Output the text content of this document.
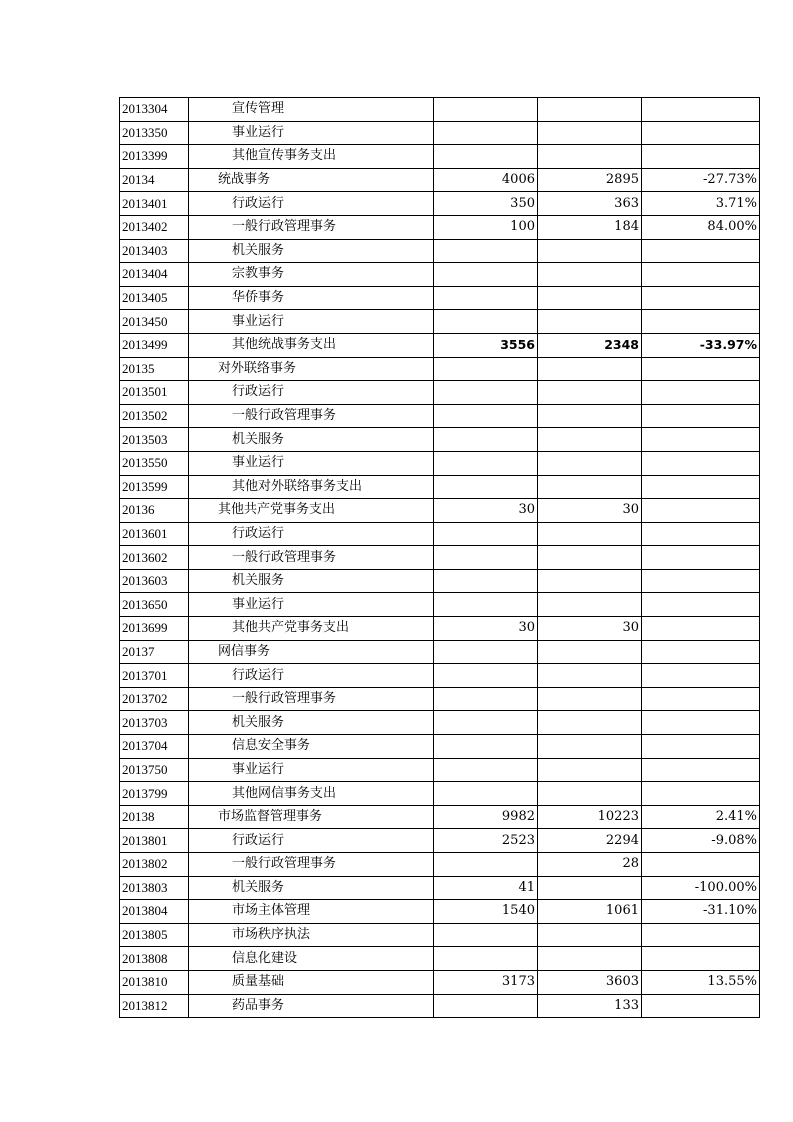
2013304	宣传管理			
2013350	事业运行			
2013399	其他宣传事务支出			
20134	统战事务	4006	2895	-27.73%
2013401	行政运行	350	363	3.71%
2013402	一般行政管理事务	100	184	84.00%
2013403	机关服务			
2013404	宗教事务			
2013405	华侨事务			
2013450	事业运行			
2013499	其他统战事务支出	3556	2348	-33.97%
20135	对外联络事务			
2013501	行政运行			
2013502	一般行政管理事务			
2013503	机关服务			
2013550	事业运行			
2013599	其他对外联络事务支出			
20136	其他共产党事务支出	30	30	
2013601	行政运行			
2013602	一般行政管理事务			
2013603	机关服务			
2013650	事业运行			
2013699	其他共产党事务支出	30	30	
20137	网信事务			
2013701	行政运行			
2013702	一般行政管理事务			
2013703	机关服务			
2013704	信息安全事务			
2013750	事业运行			
2013799	其他网信事务支出			
20138	市场监督管理事务	9982	10223	2.41%
2013801	行政运行	2523	2294	-9.08%
2013802	一般行政管理事务		28	
2013803	机关服务	41		-100.00%
2013804	市场主体管理	1540	1061	-31.10%
2013805	市场秩序执法			
2013808	信息化建设			
2013810	质量基础	3173	3603	13.55%
2013812	药品事务		133	
